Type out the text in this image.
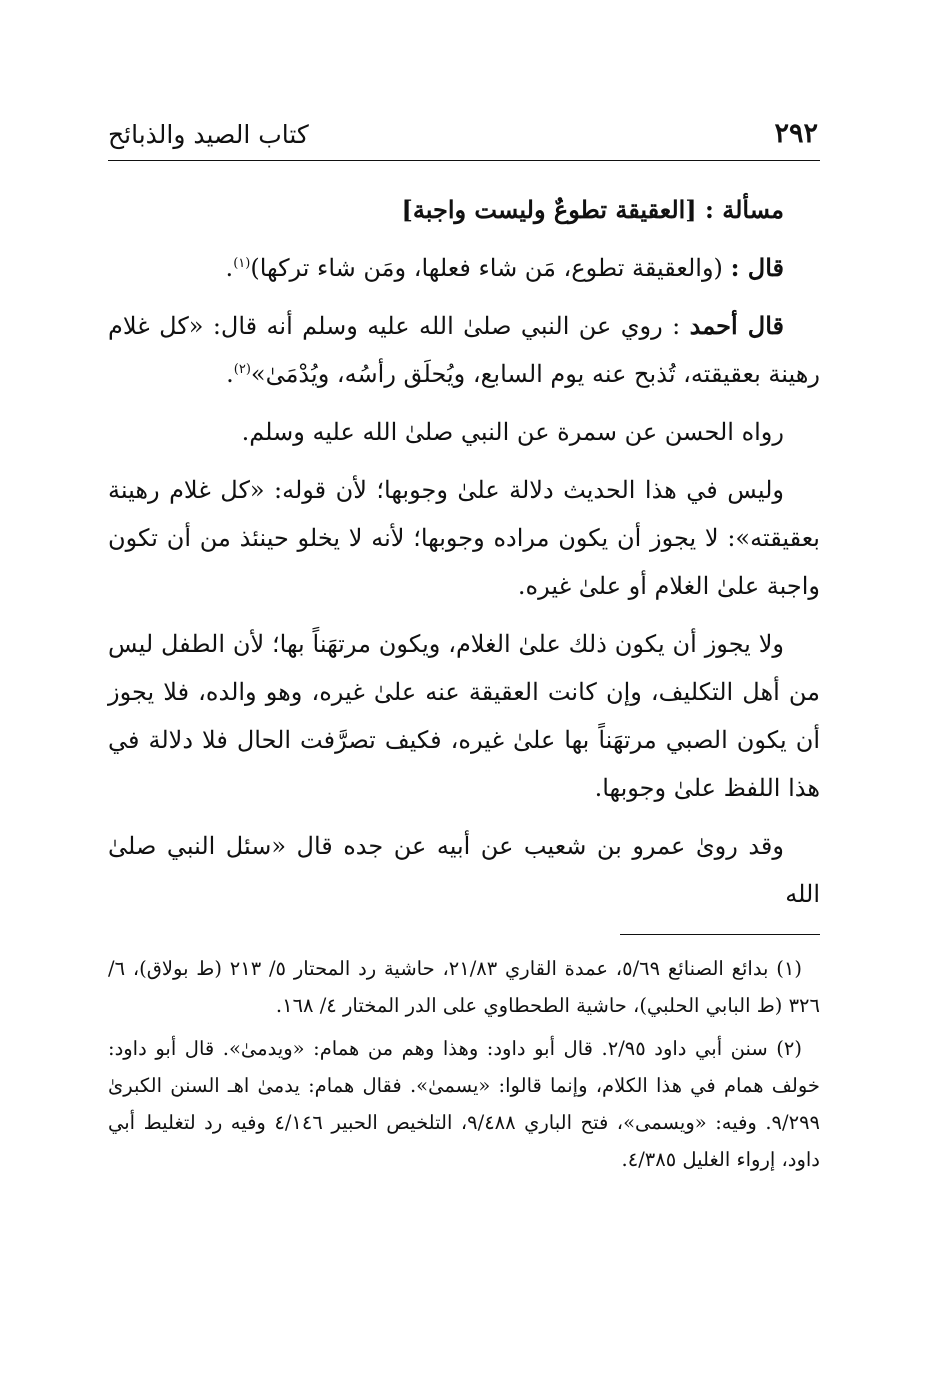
٢٩٢
كتاب الصيد والذبائح

مسألة : [العقيقة تطوعٌ وليست واجبة]

قال : (والعقيقة تطوع، مَن شاء فعلها، ومَن شاء تركها)$^{(١)}$.

قال أحمد : روي عن النبي صلىٰ الله عليه وسلم أنه قال: «كل غلام رهينة بعقيقته، تُذبح عنه يوم السابع، ويُحلَق رأسُه، ويُدْمَىٰ»$^{(٢)}$.

رواه الحسن عن سمرة عن النبي صلىٰ الله عليه وسلم.

وليس في هذا الحديث دلالة علىٰ وجوبها؛ لأن قوله: «كل غلام رهينة بعقيقته»: لا يجوز أن يكون مراده وجوبها؛ لأنه لا يخلو حينئذ من أن تكون واجبة علىٰ الغلام أو علىٰ غيره.

ولا يجوز أن يكون ذلك علىٰ الغلام، ويكون مرتهَناً بها؛ لأن الطفل ليس من أهل التكليف، وإن كانت العقيقة عنه علىٰ غيره، وهو والده، فلا يجوز أن يكون الصبي مرتهَناً بها علىٰ غيره، فكيف تصرَّفت الحال فلا دلالة في هذا اللفظ علىٰ وجوبها.

وقد روىٰ عمرو بن شعيب عن أبيه عن جده قال «سئل النبي صلىٰ الله

(١) بدائع الصنائع ٥/٦٩، عمدة القاري ٢١/٨٣، حاشية رد المحتار ٥/ ٢١٣ (ط بولاق)، ٦/ ٣٢٦ (ط البابي الحلبي)، حاشية الطحطاوي على الدر المختار ٤/ ١٦٨.

(٢) سنن أبي داود ٢/٩٥. قال أبو داود: وهذا وهم من همام: «ويدمىٰ». قال أبو داود: خولف همام في هذا الكلام، وإنما قالوا: «يسمىٰ». فقال همام: يدمىٰ اهـ السنن الكبرىٰ ٩/٢٩٩. وفيه: «ويسمى»، فتح الباري ٩/٤٨٨، التلخيص الحبير ٤/١٤٦ وفيه رد لتغليط أبي داود، إرواء الغليل ٤/٣٨٥.
